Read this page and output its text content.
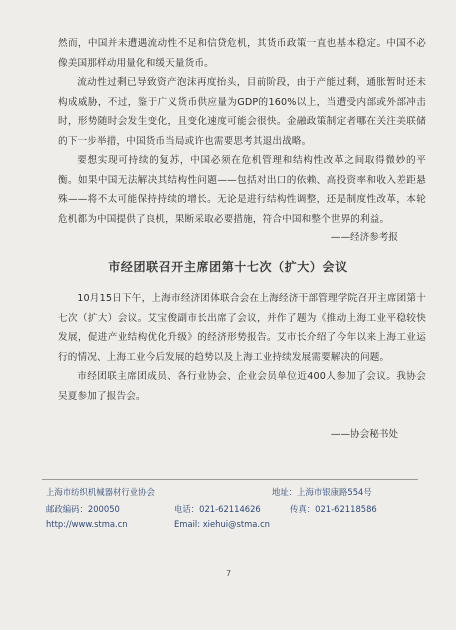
然而，中国并未遭遇流动性不足和信贷危机，其货币政策一直也基本稳定。中国不必像美国那样动用量化和缓天量货币。
流动性过剩已导致资产泡沫再度抬头，目前阶段，由于产能过剩，通胀暂时还未构成威胁，不过，鉴于广义货币供应量为GDP的160%以上，当遭受内部或外部冲击时，形势随时会发生变化，且变化速度可能会很快。金融政策制定者哪在关注美联储的下一步举措，中国货币当局或许也需要思考其退出战略。
要想实现可持续的复苏，中国必须在危机管理和结构性改革之间取得微妙的平衡。如果中国无法解决其结构性问题——包括对出口的依赖、高投资率和收入差距悬殊——将不太可能保持持续的增长。无论是进行结构性调整，还是制度性改革，本轮危机都为中国提供了良机，果断采取必要措施，符合中国和整个世界的利益。
——经济参考报
市经团联召开主席团第十七次（扩大）会议
10月15日下午，上海市经济团体联合会在上海经济干部管理学院召开主席团第十七次（扩大）会议。艾宝俊副市长出席了会议，并作了题为《推动上海工业平稳较快发展，促进产业结构优化升级》的经济形势报告。艾市长介绍了今年以来上海工业运行的情况、上海工业今后发展的趋势以及上海工业持续发展需要解决的问题。
市经团联主席团成员、各行业协会、企业会员单位近400人参加了会议。我协会吴夏参加了报告会。
——协会秘书处
上海市纺织机械器材行业协会	地址：上海市银康路554号
邮政编码：200050	电话：021-62114626	传真：021-62118586
http://www.stma.cn	Email: xiehui@stma.cn
7
